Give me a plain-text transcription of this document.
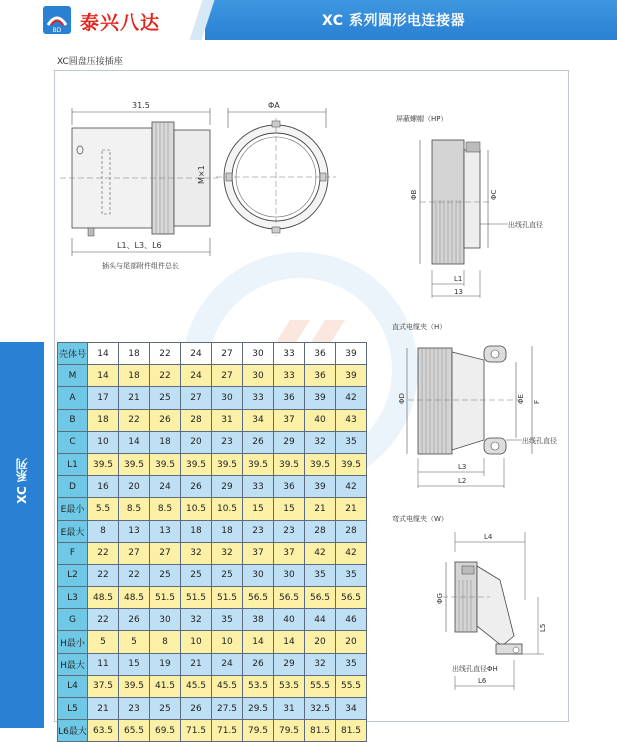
BD 泰兴八达	XC 系列圆形电连接器
XC圆盘压接插座
31.5
M×1
L1、L3、L6
插头与尾部附件组件总长
ΦA
屏蔽螺帽（HP）
ΦB	ΦC
出线孔直径
L1
13
直式电缆夹（H）
ΦD	ΦE F
出线孔直径
L3
L2
弯式电缆夹（W）
L4
ΦG
L5
出线孔直径ΦH
L6
XC 系列
壳体号	14	18	22	24	27	30	33	36	39
M	14	18	22	24	27	30	33	36	39
A	17	21	25	27	30	33	36	39	42
B	18	22	26	28	31	34	37	40	43
C	10	14	18	20	23	26	29	32	35
L1	39.5	39.5	39.5	39.5	39.5	39.5	39.5	39.5	39.5
D	16	20	24	26	29	33	36	39	42
E最小	5.5	8.5	8.5	10.5	10.5	15	15	21	21
E最大	8	13	13	18	18	23	23	28	28
F	22	27	27	32	32	37	37	42	42
L2	22	22	25	25	25	30	30	35	35
L3	48.5	48.5	51.5	51.5	51.5	56.5	56.5	56.5	56.5
G	22	26	30	32	35	38	40	44	46
H最小	5	5	8	10	10	14	14	20	20
H最大	11	15	19	21	24	26	29	32	35
L4	37.5	39.5	41.5	45.5	45.5	53.5	53.5	55.5	55.5
L5	21	23	25	26	27.5	29.5	31	32.5	34
L6最大	63.5	65.5	69.5	71.5	71.5	79.5	79.5	81.5	81.5
